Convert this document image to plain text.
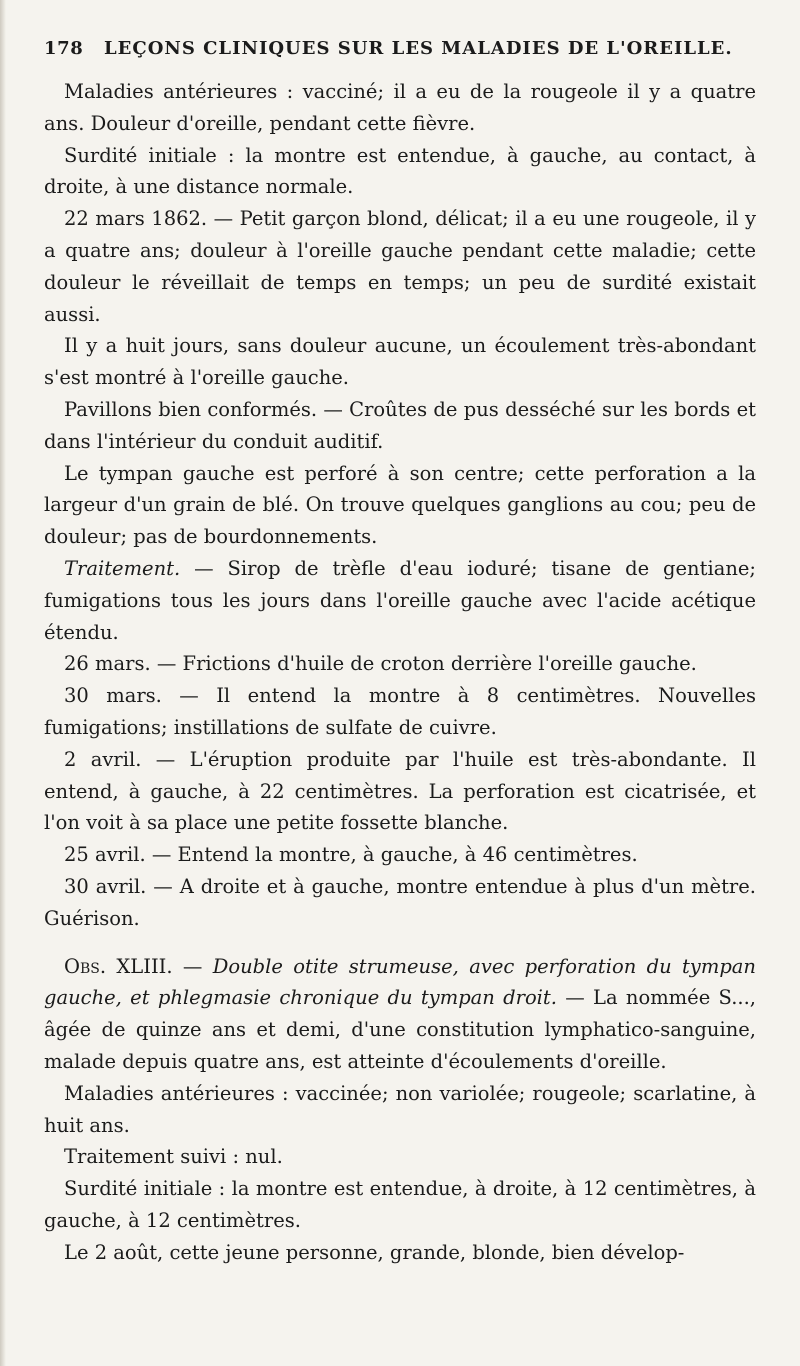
178	LEÇONS CLINIQUES SUR LES MALADIES DE L'OREILLE.

Maladies antérieures : vacciné; il a eu de la rougeole il y a quatre ans. Douleur d'oreille, pendant cette fièvre.

Surdité initiale : la montre est entendue, à gauche, au contact, à droite, à une distance normale.

22 mars 1862. — Petit garçon blond, délicat; il a eu une rougeole, il y a quatre ans; douleur à l'oreille gauche pendant cette maladie; cette douleur le réveillait de temps en temps; un peu de surdité existait aussi.

Il y a huit jours, sans douleur aucune, un écoulement très-abondant s'est montré à l'oreille gauche.

Pavillons bien conformés. — Croûtes de pus desséché sur les bords et dans l'intérieur du conduit auditif.

Le tympan gauche est perforé à son centre; cette perforation a la largeur d'un grain de blé. On trouve quelques ganglions au cou; peu de douleur; pas de bourdonnements.

Traitement. — Sirop de trèfle d'eau ioduré; tisane de gentiane; fumigations tous les jours dans l'oreille gauche avec l'acide acétique étendu.

26 mars. — Frictions d'huile de croton derrière l'oreille gauche.

30 mars. — Il entend la montre à 8 centimètres. Nouvelles fumigations; instillations de sulfate de cuivre.

2 avril. — L'éruption produite par l'huile est très-abondante. Il entend, à gauche, à 22 centimètres. La perforation est cicatrisée, et l'on voit à sa place une petite fossette blanche.

25 avril. — Entend la montre, à gauche, à 46 centimètres.

30 avril. — A droite et à gauche, montre entendue à plus d'un mètre. Guérison.

Obs. XLIII. — Double otite strumeuse, avec perforation du tympan gauche, et phlegmasie chronique du tympan droit. — La nommée S..., âgée de quinze ans et demi, d'une constitution lymphatico-sanguine, malade depuis quatre ans, est atteinte d'écoulements d'oreille.

Maladies antérieures : vaccinée; non variolée; rougeole; scarlatine, à huit ans.

Traitement suivi : nul.

Surdité initiale : la montre est entendue, à droite, à 12 centimètres, à gauche, à 12 centimètres.

Le 2 août, cette jeune personne, grande, blonde, bien dévelop-
